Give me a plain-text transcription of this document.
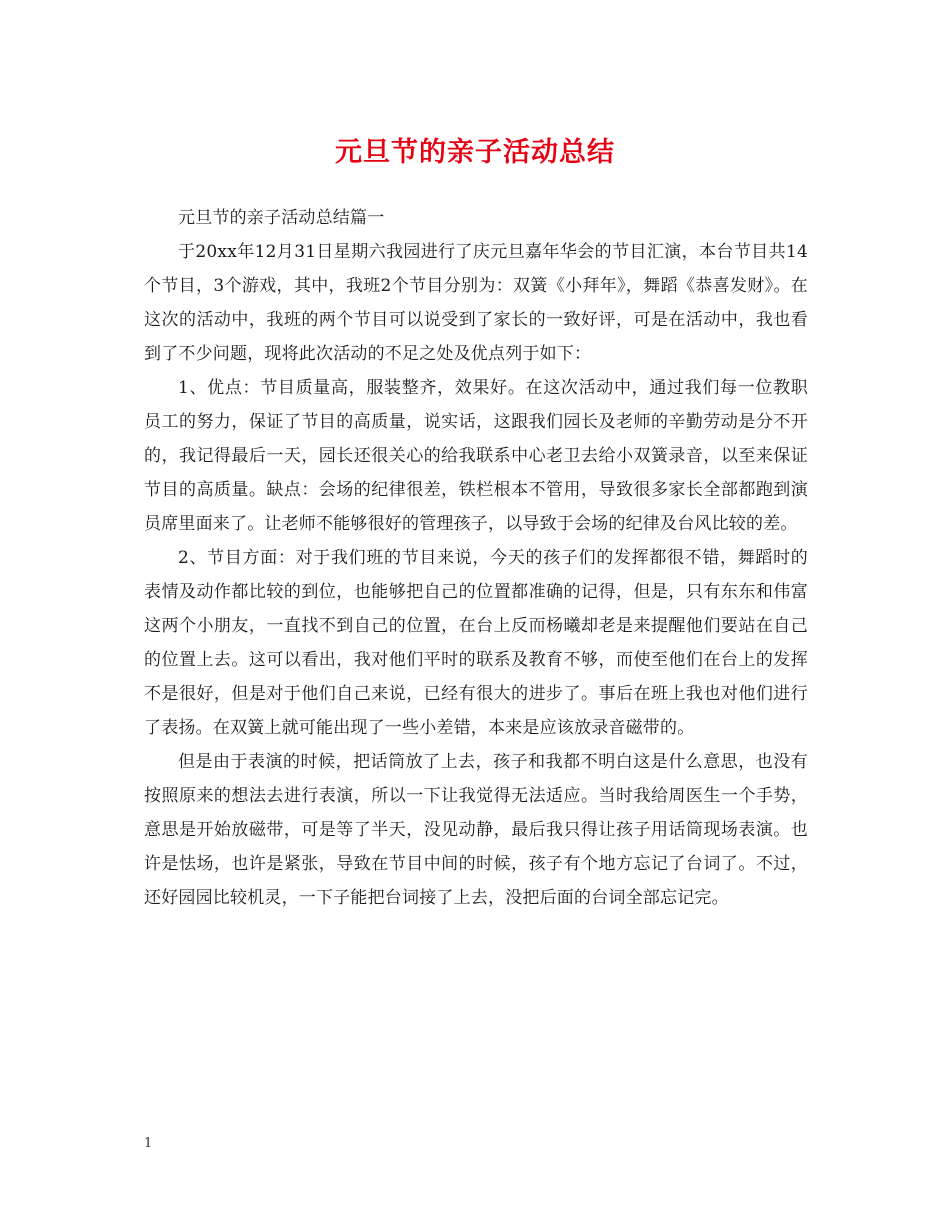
元旦节的亲子活动总结

元旦节的亲子活动总结篇一

于20xx年12月31日星期六我园进行了庆元旦嘉年华会的节目汇演，本台节目共14个节目，3个游戏，其中，我班2个节目分别为：双簧《小拜年》，舞蹈《恭喜发财》。在这次的活动中，我班的两个节目可以说受到了家长的一致好评，可是在活动中，我也看到了不少问题，现将此次活动的不足之处及优点列于如下：

1、优点：节目质量高，服装整齐，效果好。在这次活动中，通过我们每一位教职员工的努力，保证了节目的高质量，说实话，这跟我们园长及老师的辛勤劳动是分不开的，我记得最后一天，园长还很关心的给我联系中心老卫去给小双簧录音，以至来保证节目的高质量。缺点：会场的纪律很差，铁栏根本不管用，导致很多家长全部都跑到演员席里面来了。让老师不能够很好的管理孩子，以导致于会场的纪律及台风比较的差。

2、节目方面：对于我们班的节目来说，今天的孩子们的发挥都很不错，舞蹈时的表情及动作都比较的到位，也能够把自己的位置都准确的记得，但是，只有东东和伟富这两个小朋友，一直找不到自己的位置，在台上反而杨曦却老是来提醒他们要站在自己的位置上去。这可以看出，我对他们平时的联系及教育不够，而使至他们在台上的发挥不是很好，但是对于他们自己来说，已经有很大的进步了。事后在班上我也对他们进行了表扬。在双簧上就可能出现了一些小差错，本来是应该放录音磁带的。

但是由于表演的时候，把话筒放了上去，孩子和我都不明白这是什么意思，也没有按照原来的想法去进行表演，所以一下让我觉得无法适应。当时我给周医生一个手势，意思是开始放磁带，可是等了半天，没见动静，最后我只得让孩子用话筒现场表演。也许是怯场，也许是紧张，导致在节目中间的时候，孩子有个地方忘记了台词了。不过，还好园园比较机灵，一下子能把台词接了上去，没把后面的台词全部忘记完。

1
